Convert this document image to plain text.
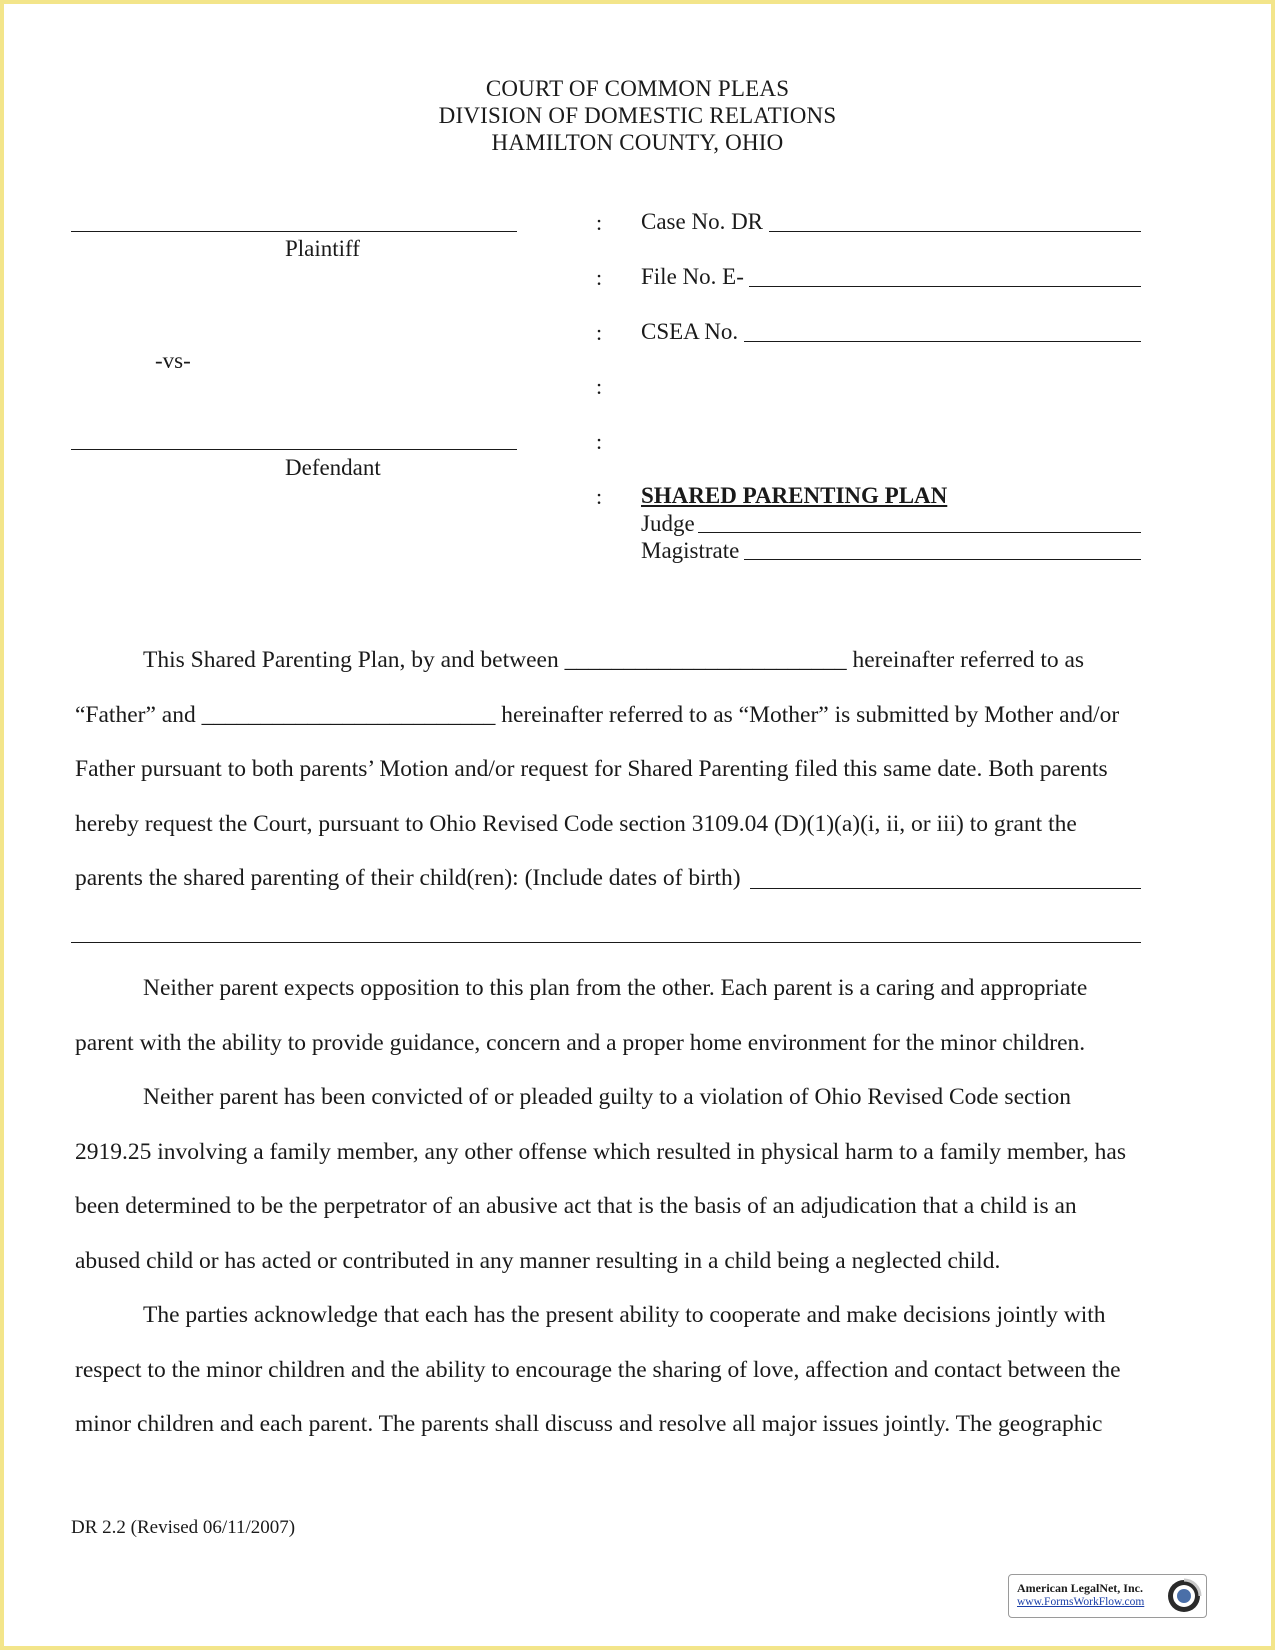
COURT OF COMMON PLEAS
DIVISION OF DOMESTIC RELATIONS
HAMILTON COUNTY, OHIO
Plaintiff
-vs-
Defendant
:
:
:
:
:
:
Case No. DR
File No. E-
CSEA No.
SHARED PARENTING PLAN
Judge
Magistrate
This Shared Parenting Plan, by and between ________________________ hereinafter referred to as
“Father” and _________________________ hereinafter referred to as “Mother” is submitted by Mother and/or
Father pursuant to both parents’ Motion and/or request for Shared Parenting filed this same date. Both parents
hereby request the Court, pursuant to Ohio Revised Code section 3109.04 (D)(1)(a)(i, ii, or iii) to grant the
parents the shared parenting of their child(ren): (Include dates of birth)
Neither parent expects opposition to this plan from the other. Each parent is a caring and appropriate
parent with the ability to provide guidance, concern and a proper home environment for the minor children.
Neither parent has been convicted of or pleaded guilty to a violation of Ohio Revised Code section
2919.25 involving a family member, any other offense which resulted in physical harm to a family member, has
been determined to be the perpetrator of an abusive act that is the basis of an adjudication that a child is an
abused child or has acted or contributed in any manner resulting in a child being a neglected child.
The parties acknowledge that each has the present ability to cooperate and make decisions jointly with
respect to the minor children and the ability to encourage the sharing of love, affection and contact between the
minor children and each parent. The parents shall discuss and resolve all major issues jointly. The geographic
DR 2.2 (Revised 06/11/2007)
American LegalNet, Inc.
www.FormsWorkFlow.com
